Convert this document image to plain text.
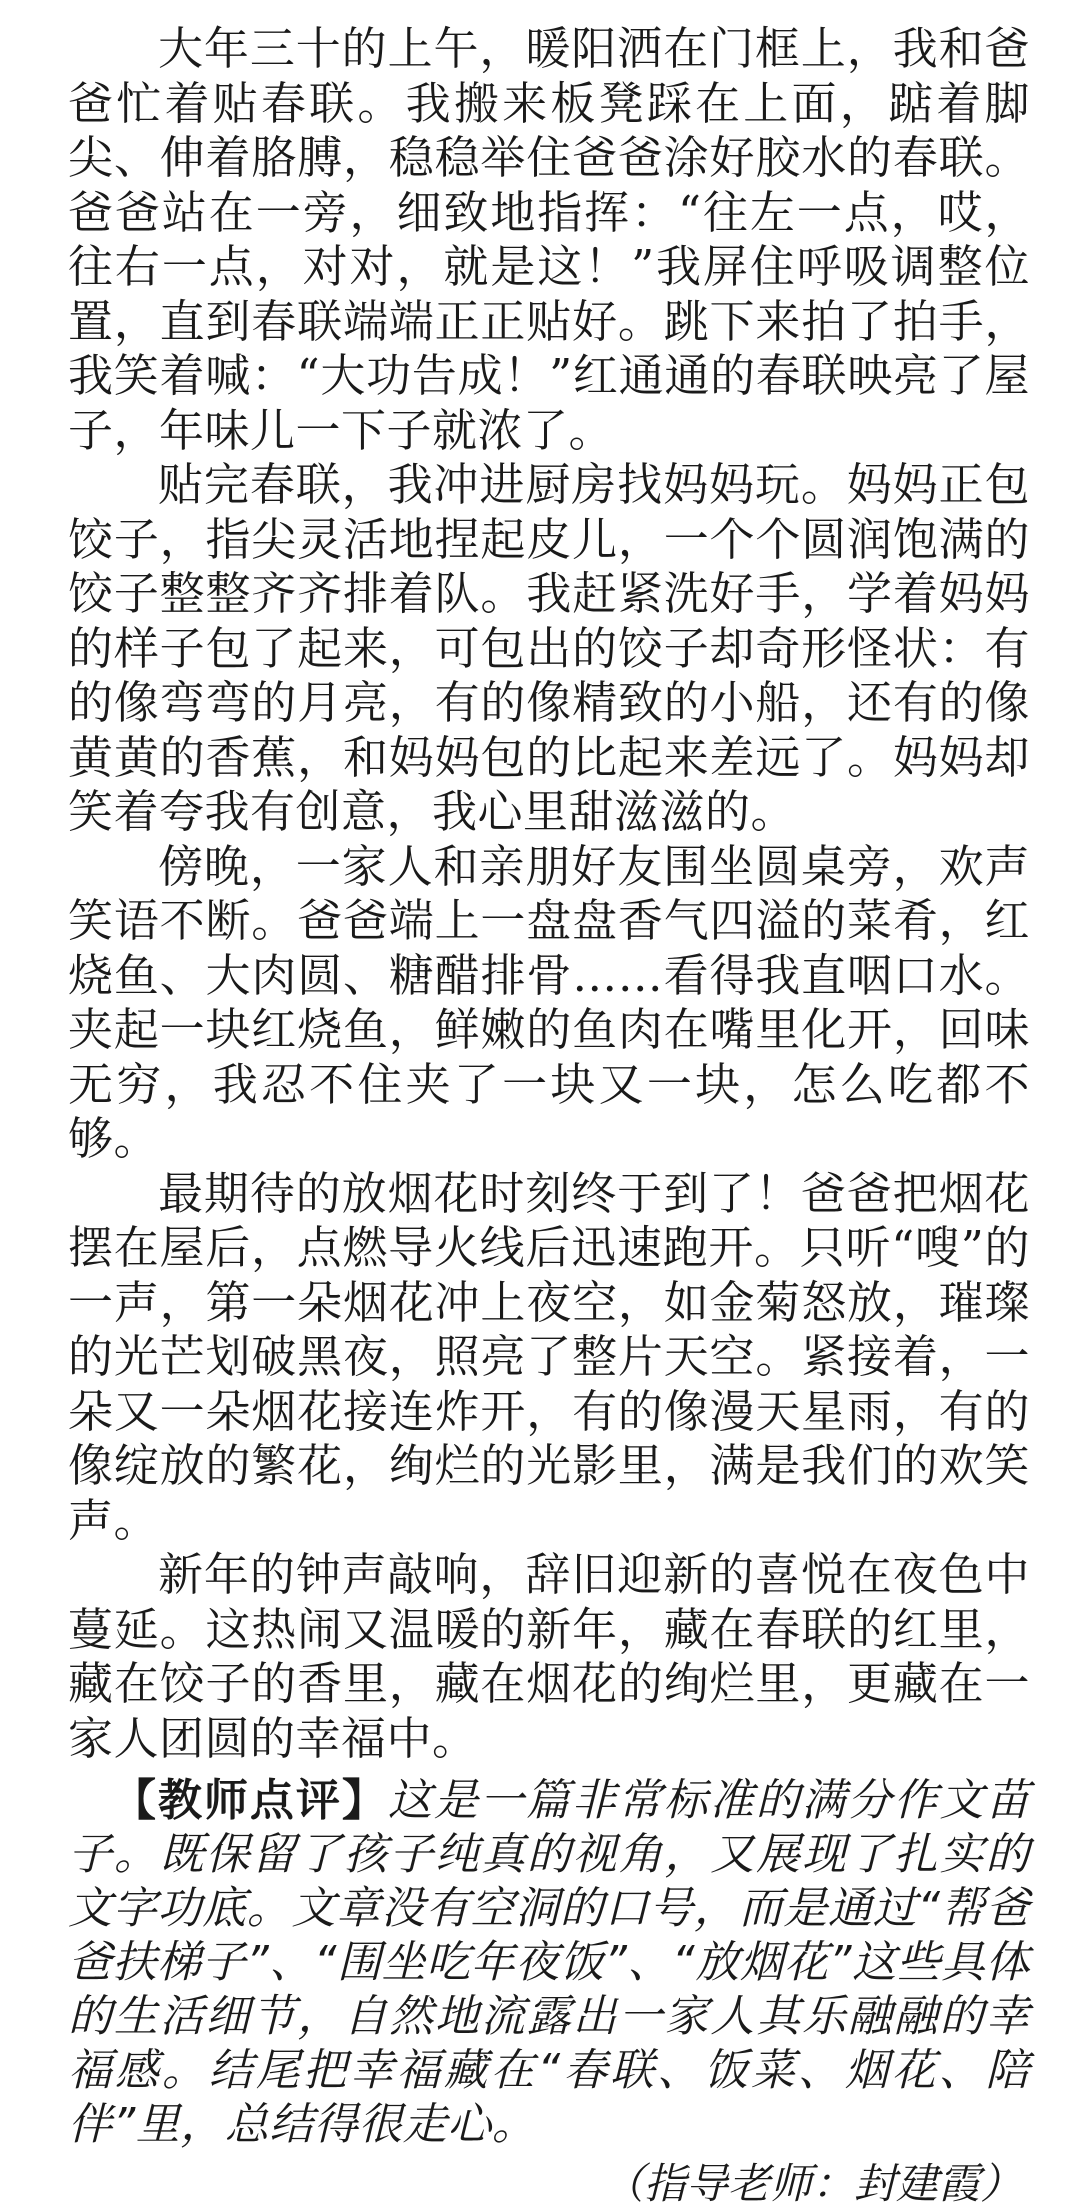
大年三十的上午，暖阳洒在门框上，我和爸爸忙着贴春联。我搬来板凳踩在上面，踮着脚尖、伸着胳膊，稳稳举住爸爸涂好胶水的春联。爸爸站在一旁，细致地指挥：“往左一点，哎，往右一点，对对，就是这！”我屏住呼吸调整位置，直到春联端端正正贴好。跳下来拍了拍手，我笑着喊：“大功告成！”红通通的春联映亮了屋子，年味儿一下子就浓了。

贴完春联，我冲进厨房找妈妈玩。妈妈正包饺子，指尖灵活地捏起皮儿，一个个圆润饱满的饺子整整齐齐排着队。我赶紧洗好手，学着妈妈的样子包了起来，可包出的饺子却奇形怪状：有的像弯弯的月亮，有的像精致的小船，还有的像黄黄的香蕉，和妈妈包的比起来差远了。妈妈却笑着夸我有创意，我心里甜滋滋的。

傍晚，一家人和亲朋好友围坐圆桌旁，欢声笑语不断。爸爸端上一盘盘香气四溢的菜肴，红烧鱼、大肉圆、糖醋排骨……看得我直咽口水。夹起一块红烧鱼，鲜嫩的鱼肉在嘴里化开，回味无穷，我忍不住夹了一块又一块，怎么吃都不够。

最期待的放烟花时刻终于到了！爸爸把烟花摆在屋后，点燃导火线后迅速跑开。只听“嗖”的一声，第一朵烟花冲上夜空，如金菊怒放，璀璨的光芒划破黑夜，照亮了整片天空。紧接着，一朵又一朵烟花接连炸开，有的像漫天星雨，有的像绽放的繁花，绚烂的光影里，满是我们的欢笑声。

新年的钟声敲响，辞旧迎新的喜悦在夜色中蔓延。这热闹又温暖的新年，藏在春联的红里，藏在饺子的香里，藏在烟花的绚烂里，更藏在一家人团圆的幸福中。

【教师点评】这是一篇非常标准的满分作文苗子。既保留了孩子纯真的视角，又展现了扎实的文字功底。文章没有空洞的口号，而是通过“帮爸爸扶梯子”、“围坐吃年夜饭”、“放烟花”这些具体的生活细节，自然地流露出一家人其乐融融的幸福感。结尾把幸福藏在“春联、饭菜、烟花、陪伴”里，总结得很走心。

（指导老师：封建霞）
